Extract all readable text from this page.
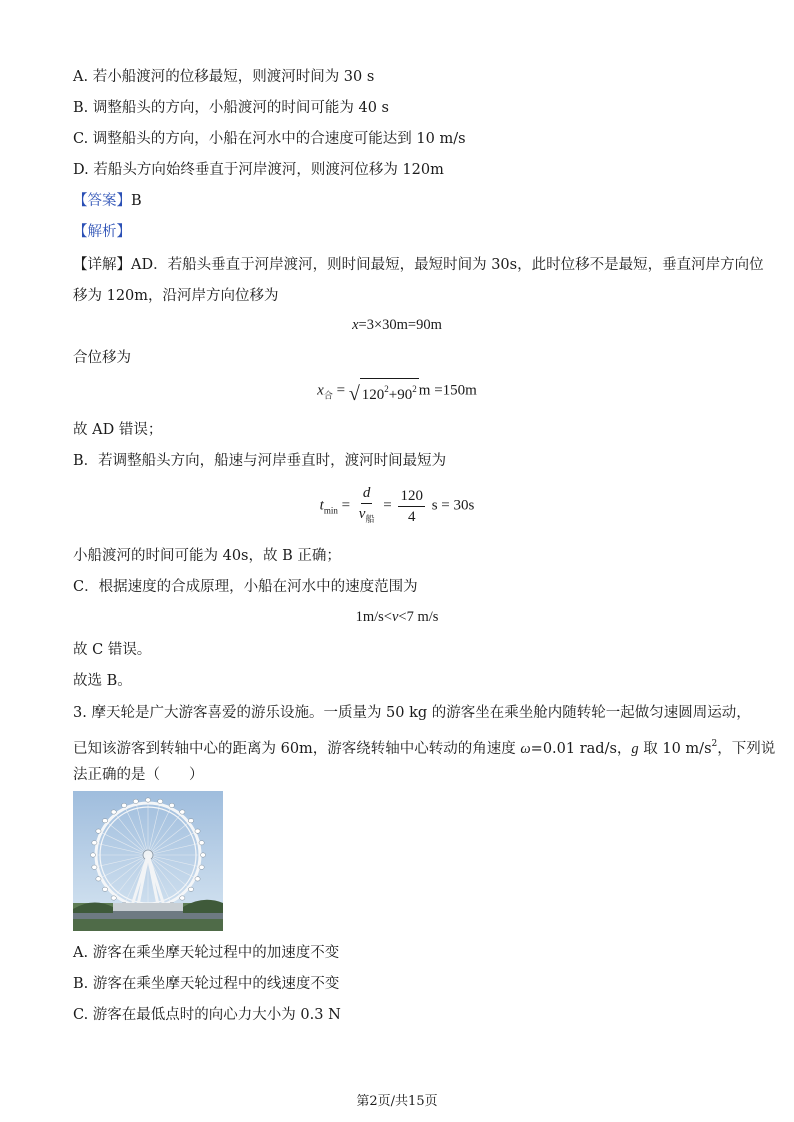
A. 若小船渡河的位移最短，则渡河时间为 30 s
B. 调整船头的方向，小船渡河的时间可能为 40 s
C. 调整船头的方向，小船在河水中的合速度可能达到 10 m/s
D. 若船头方向始终垂直于河岸渡河，则渡河位移为 120m
【答案】B
【解析】
【详解】AD．若船头垂直于河岸渡河，则时间最短，最短时间为 30s，此时位移不是最短，垂直河岸方向位
移为 120m，沿河岸方向位移为
x=3×30m=90m
合位移为
$x_合$ = √ $120^2+90^2$ m =150m
故 AD 错误；
B．若调整船头方向，船速与河岸垂直时，渡河时间最短为
$t_{min} = \frac{d}{v_船} = \frac{120}{4}$ s = 30s
小船渡河的时间可能为 40s，故 B 正确；
C．根据速度的合成原理，小船在河水中的速度范围为
1m/s<v<7 m/s
故 C 错误。
故选 B。
3. 摩天轮是广大游客喜爱的游乐设施。一质量为 50 kg 的游客坐在乘坐舱内随转轮一起做匀速圆周运动，
已知该游客到转轴中心的距离为 60m，游客绕转轴中心转动的角速度 ω=0.01 rad/s，g 取 10 $m/s^2$，下列说
法正确的是（　　）
A. 游客在乘坐摩天轮过程中的加速度不变
B. 游客在乘坐摩天轮过程中的线速度不变
C. 游客在最低点时的向心力大小为 0.3 N
第2页/共15页
